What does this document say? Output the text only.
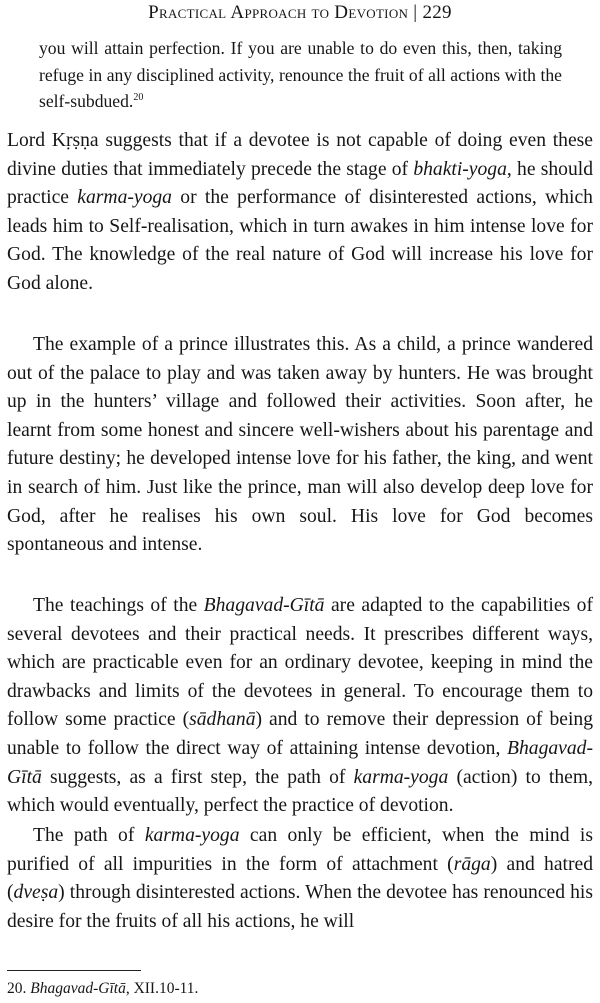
Practical Approach to Devotion | 229
you will attain perfection. If you are unable to do even this, then, taking refuge in any disciplined activity, renounce the fruit of all actions with the self-subdued.$^{20}$
Lord Kṛṣṇa suggests that if a devotee is not capable of doing even these divine duties that immediately precede the stage of bhakti-yoga, he should practice karma-yoga or the performance of disinterested actions, which leads him to Self-realisation, which in turn awakes in him intense love for God. The knowledge of the real nature of God will increase his love for God alone.
The example of a prince illustrates this. As a child, a prince wandered out of the palace to play and was taken away by hunters. He was brought up in the hunters’ village and followed their activities. Soon after, he learnt from some honest and sincere well-wishers about his parentage and future destiny; he developed intense love for his father, the king, and went in search of him. Just like the prince, man will also develop deep love for God, after he realises his own soul. His love for God becomes spontaneous and intense.
The teachings of the Bhagavad-Gītā are adapted to the capabilities of several devotees and their practical needs. It prescribes different ways, which are practicable even for an ordinary devotee, keeping in mind the drawbacks and limits of the devotees in general. To encourage them to follow some practice (sādhanā) and to remove their depression of being unable to follow the direct way of attaining intense devotion, Bhagavad-Gītā suggests, as a first step, the path of karma-yoga (action) to them, which would eventually, perfect the practice of devotion.
The path of karma-yoga can only be efficient, when the mind is purified of all impurities in the form of attachment (rāga) and hatred (dveṣa) through disinterested actions. When the devotee has renounced his desire for the fruits of all his actions, he will
20. Bhagavad-Gītā, XII.10-11.
